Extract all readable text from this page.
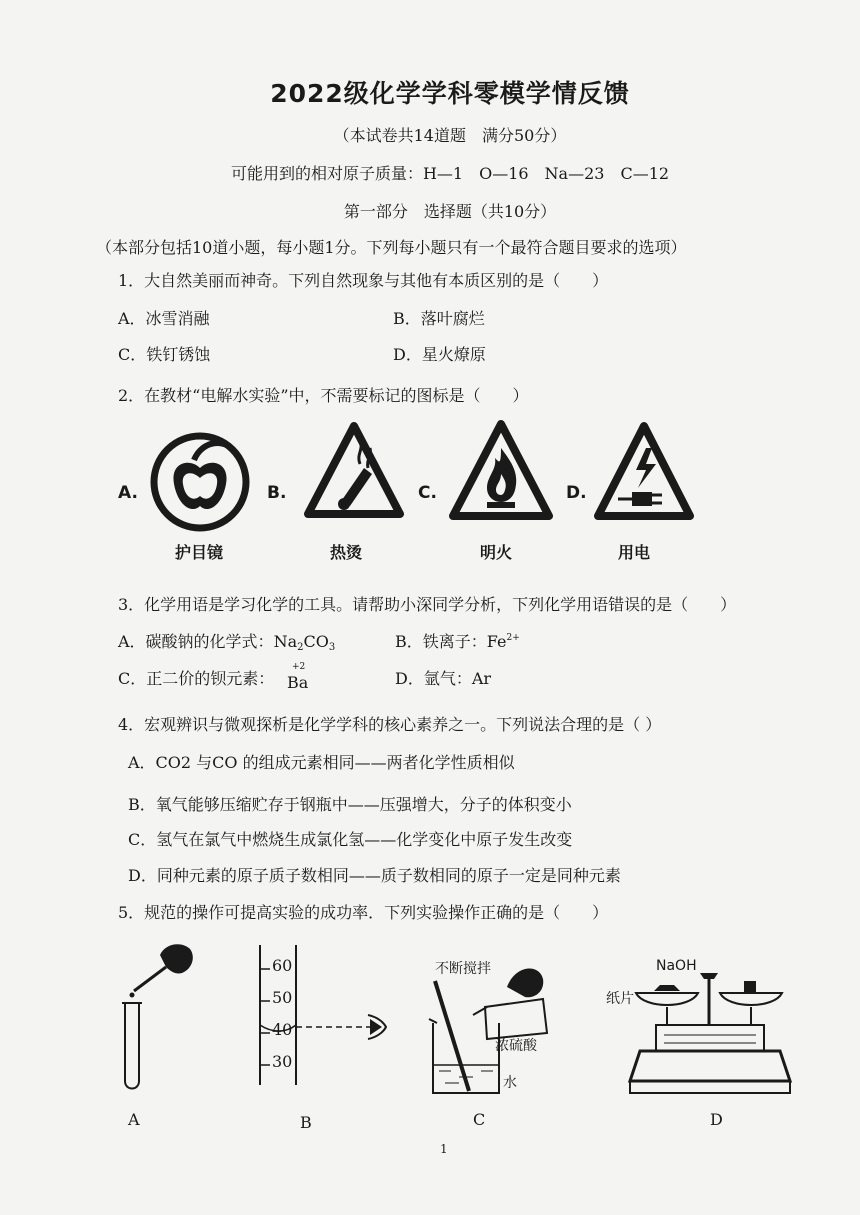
2022级化学学科零模学情反馈
（本试卷共14道题　满分50分）
可能用到的相对原子质量：H—1　O—16　Na—23　C—12
第一部分　选择题（共10分）
（本部分包括10道小题，每小题1分。下列每小题只有一个最符合题目要求的选项）
1．大自然美丽而神奇。下列自然现象与其他有本质区别的是（　　）
A．冰雪消融	B．落叶腐烂
C．铁钉锈蚀	D．星火燎原
2．在教材“电解水实验”中，不需要标记的图标是（　　）
A.	B.	C.	D.
护目镜	热烫	明火	用电
3．化学用语是学习化学的工具。请帮助小深同学分析，下列化学用语错误的是（　　）
A．碳酸钠的化学式：$Na_2CO_3$	B．铁离子：$Fe^{2+}$
C．正二价的钡元素：
+2
Ba	D．氩气：Ar
4．宏观辨识与微观探析是化学学科的核心素养之一。下列说法合理的是（ ）
A．CO2 与CO 的组成元素相同——两者化学性质相似
B．氧气能够压缩贮存于钢瓶中——压强增大，分子的体积变小
C．氢气在氯气中燃烧生成氯化氢——化学变化中原子发生改变
D．同种元素的原子质子数相同——质子数相同的原子一定是同种元素
5．规范的操作可提高实验的成功率．下列实验操作正确的是（　　）
60
50
40
30
不断搅拌
浓硫酸
水
NaOH
纸片
A	B	C	D
1
